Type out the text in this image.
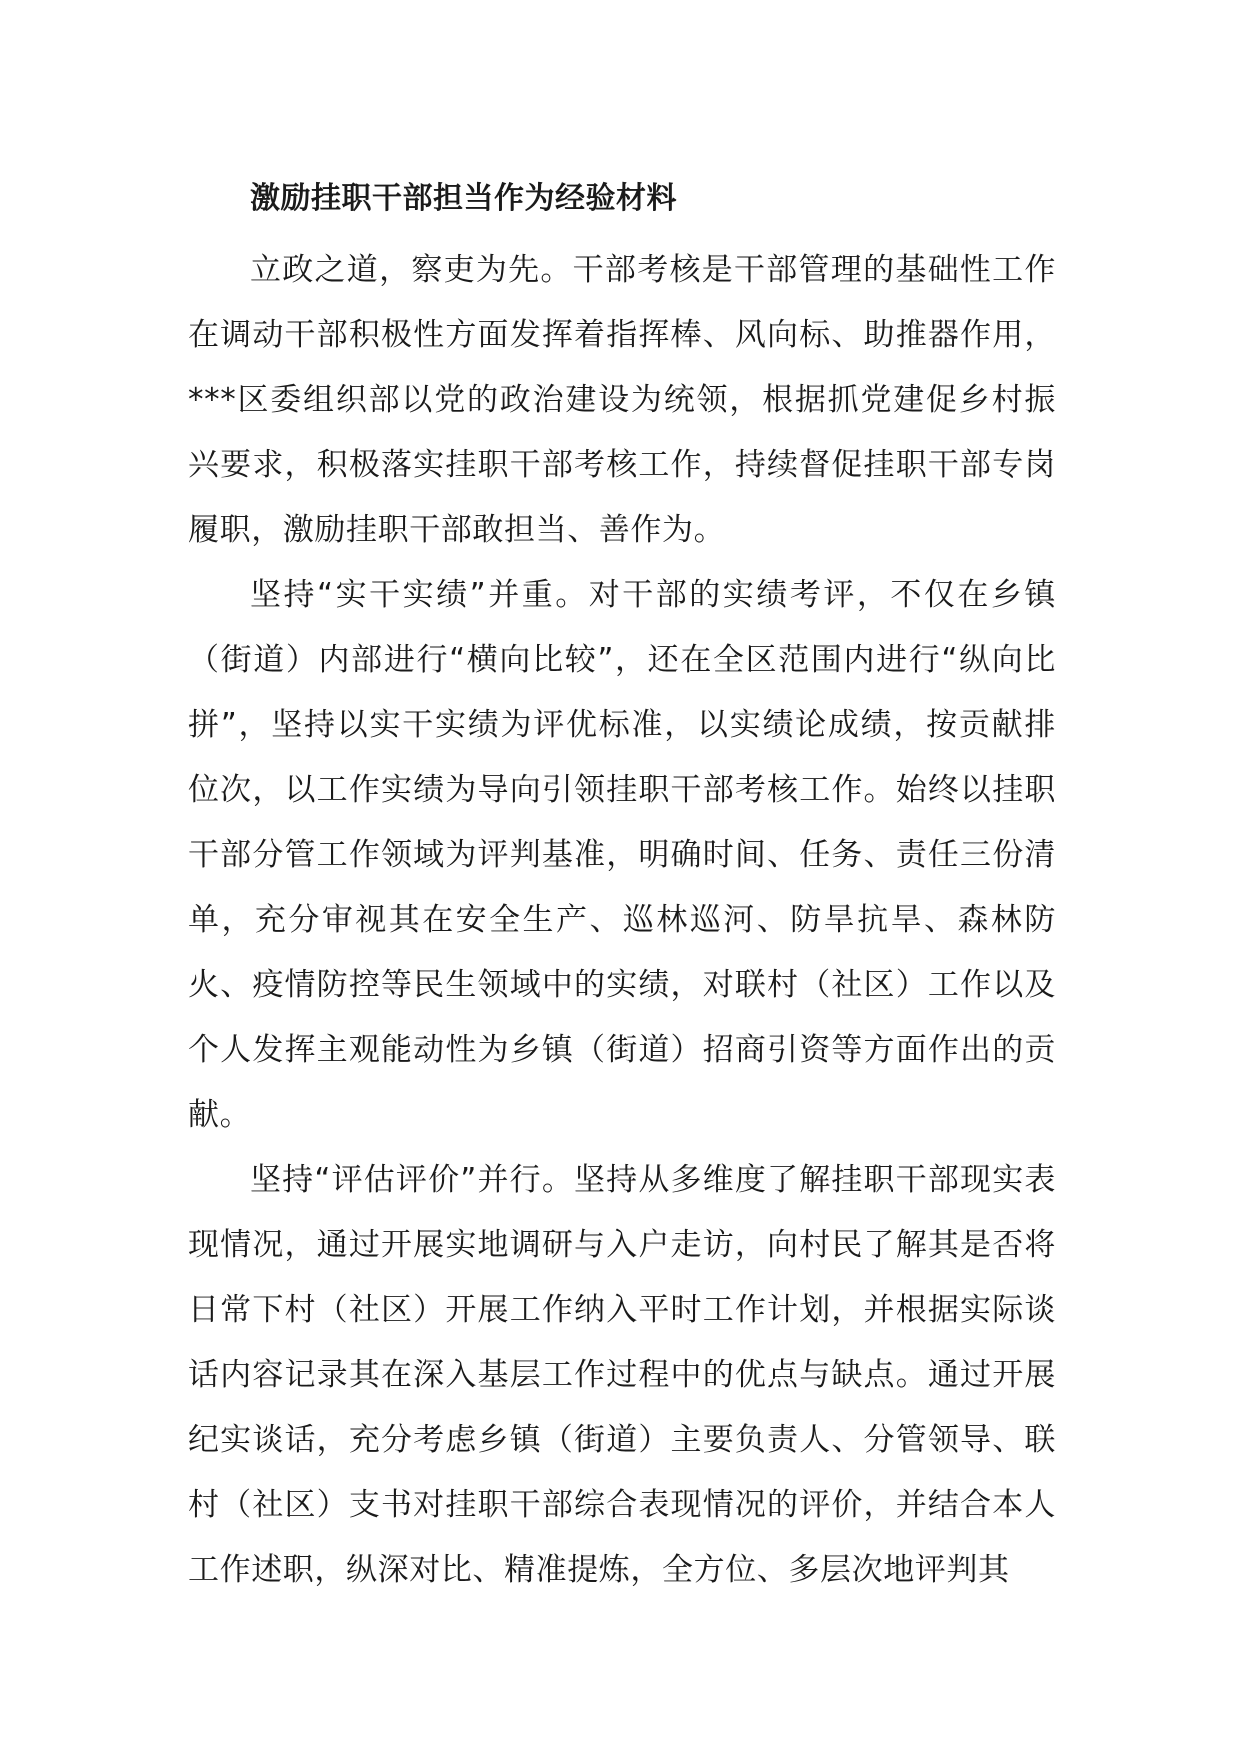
激励挂职干部担当作为经验材料

立政之道，察吏为先。干部考核是干部管理的基础性工作在调动干部积极性方面发挥着指挥棒、风向标、助推器作用，***区委组织部以党的政治建设为统领，根据抓党建促乡村振兴要求，积极落实挂职干部考核工作，持续督促挂职干部专岗履职，激励挂职干部敢担当、善作为。

坚持“实干实绩”并重。对干部的实绩考评，不仅在乡镇（街道）内部进行“横向比较”，还在全区范围内进行“纵向比拼”，坚持以实干实绩为评优标准，以实绩论成绩，按贡献排位次，以工作实绩为导向引领挂职干部考核工作。始终以挂职干部分管工作领域为评判基准，明确时间、任务、责任三份清单，充分审视其在安全生产、巡林巡河、防旱抗旱、森林防火、疫情防控等民生领域中的实绩，对联村（社区）工作以及个人发挥主观能动性为乡镇（街道）招商引资等方面作出的贡献。

坚持“评估评价”并行。坚持从多维度了解挂职干部现实表现情况，通过开展实地调研与入户走访，向村民了解其是否将日常下村（社区）开展工作纳入平时工作计划，并根据实际谈话内容记录其在深入基层工作过程中的优点与缺点。通过开展纪实谈话，充分考虑乡镇（街道）主要负责人、分管领导、联村（社区）支书对挂职干部综合表现情况的评价，并结合本人工作述职，纵深对比、精准提炼，全方位、多层次地评判其
